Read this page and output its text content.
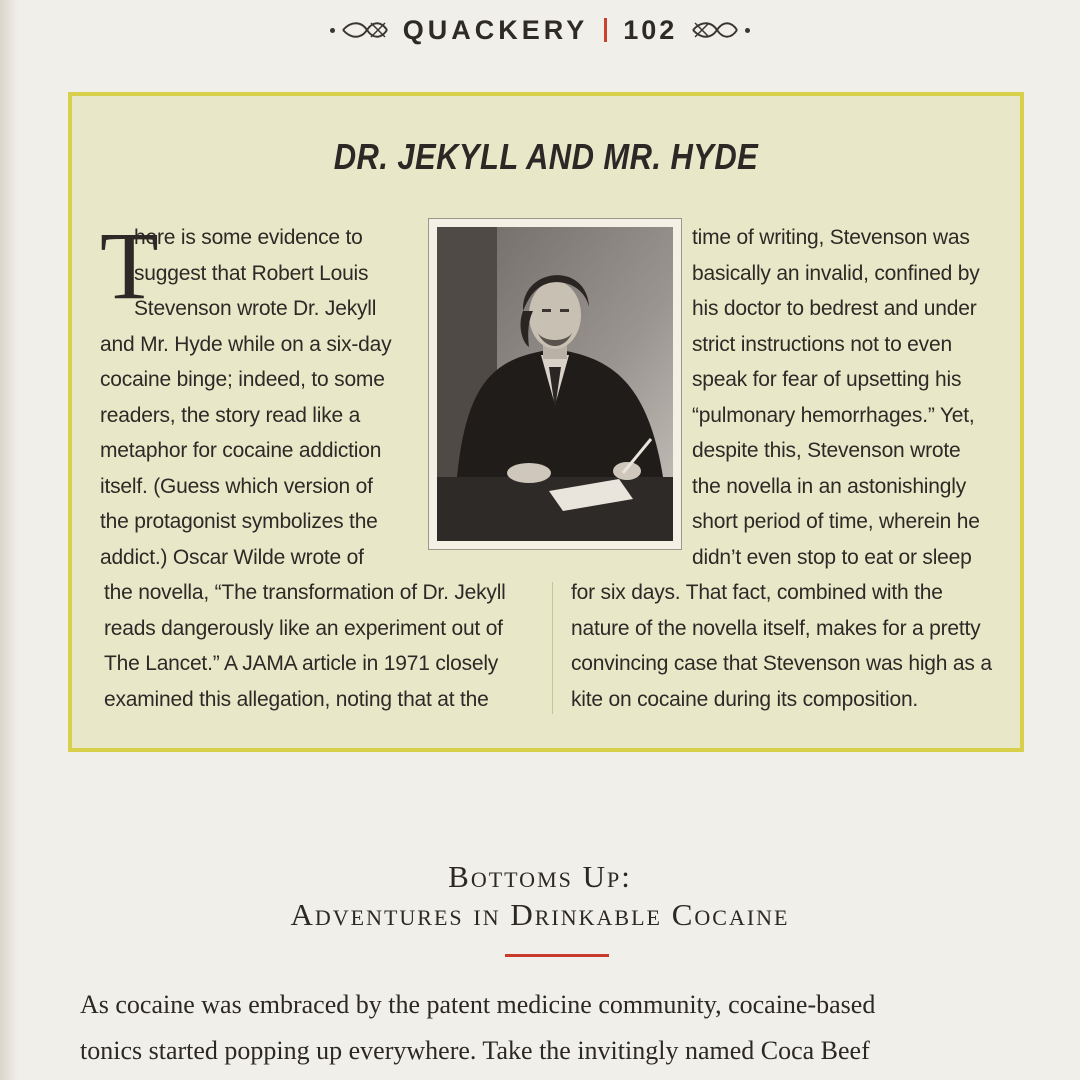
QUACKERY 102
DR. JEKYLL AND MR. HYDE
T
here is some evidence to
suggest that Robert Louis
Stevenson wrote Dr. Jekyll
and Mr. Hyde while on a six-day
cocaine binge; indeed, to some
readers, the story read like a
metaphor for cocaine addiction
itself. (Guess which version of
the protagonist symbolizes the
addict.) Oscar Wilde wrote of
time of writing, Stevenson was
basically an invalid, confined by
his doctor to bedrest and under
strict instructions not to even
speak for fear of upsetting his
“pulmonary hemorrhages.” Yet,
despite this, Stevenson wrote
the novella in an astonishingly
short period of time, wherein he
didn’t even stop to eat or sleep
the novella, “The transformation of Dr. Jekyll
reads dangerously like an experiment out of
The Lancet.” A JAMA article in 1971 closely
examined this allegation, noting that at the
for six days. That fact, combined with the
nature of the novella itself, makes for a pretty
convincing case that Stevenson was high as a
kite on cocaine during its composition.
Bottoms Up:
Adventures in Drinkable Cocaine
As cocaine was embraced by the patent medicine community, cocaine-based
tonics started popping up everywhere. Take the invitingly named Coca Beef
